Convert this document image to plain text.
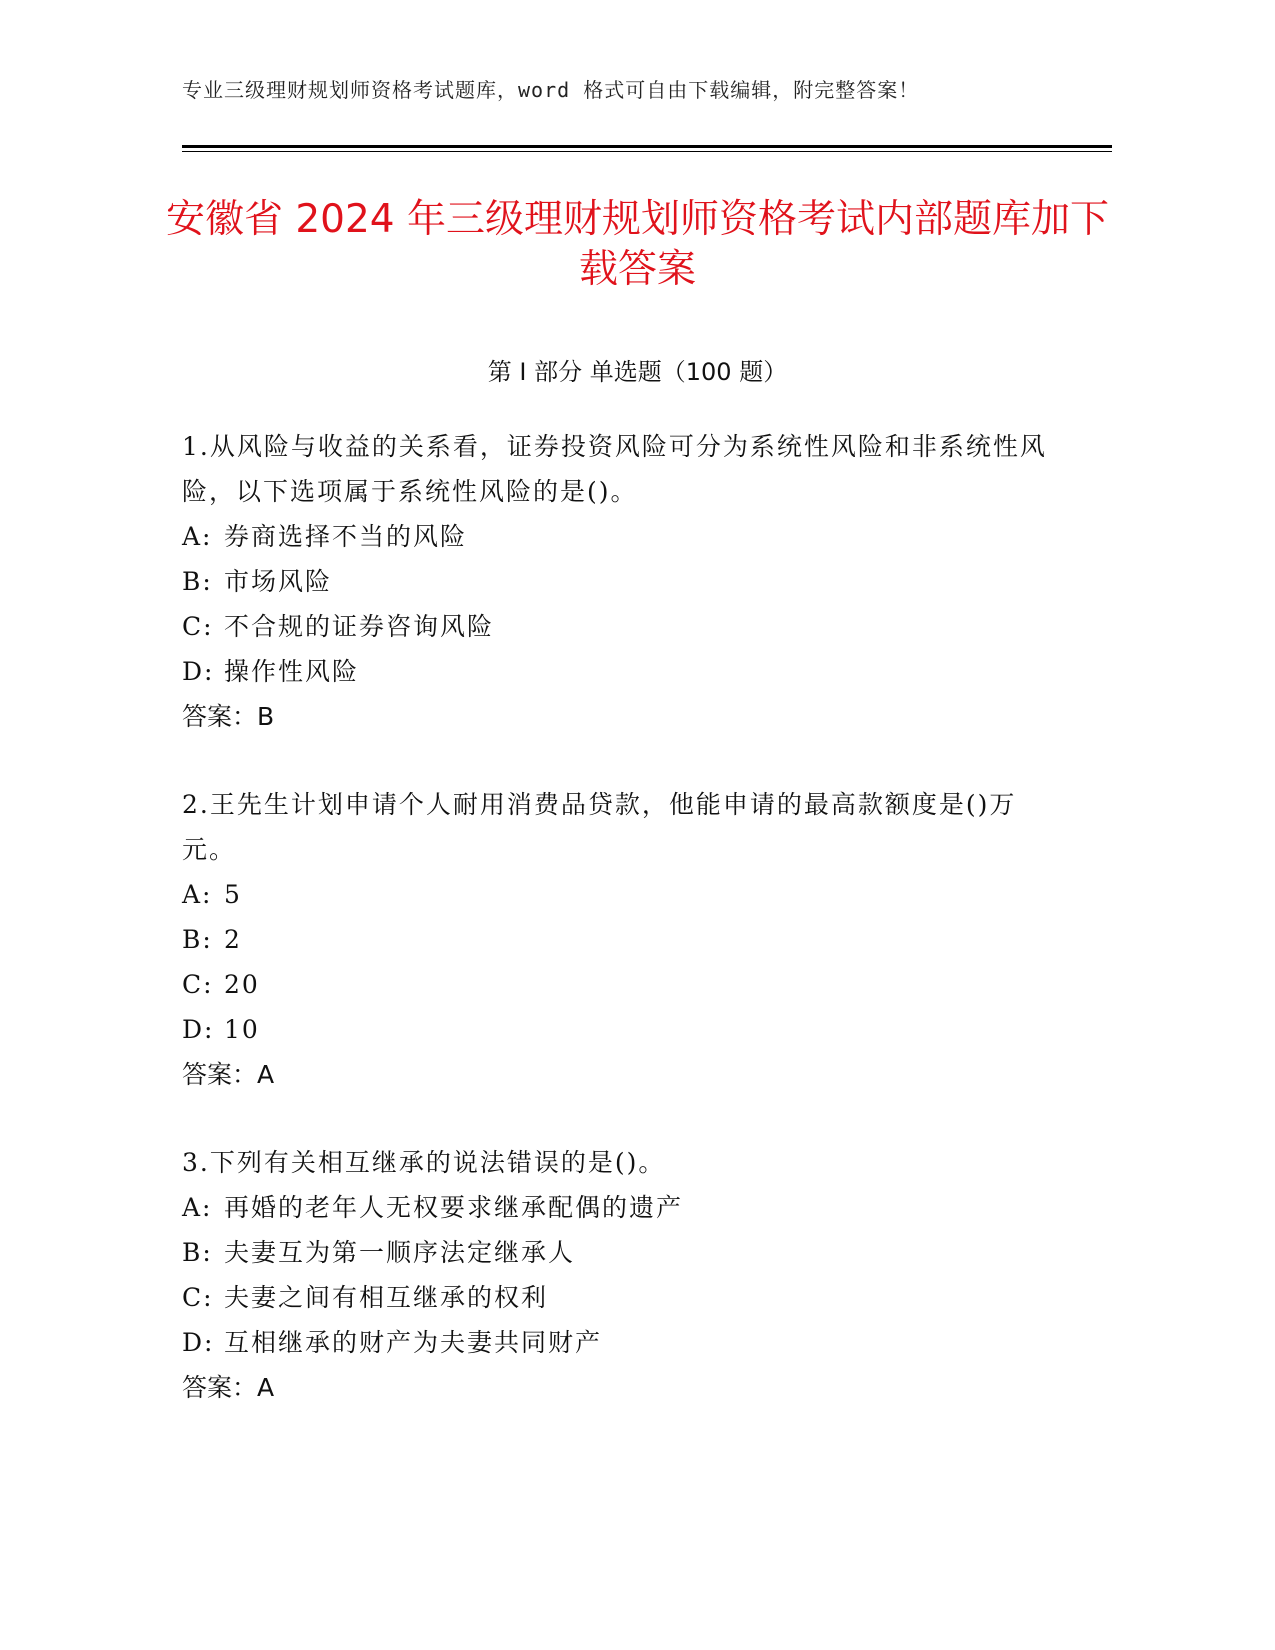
专业三级理财规划师资格考试题库，word 格式可自由下载编辑，附完整答案！
安徽省 2024 年三级理财规划师资格考试内部题库加下载答案
第 I 部分 单选题（100 题）
1.从风险与收益的关系看，证券投资风险可分为系统性风险和非系统性风险，以下选项属于系统性风险的是()。
A: 券商选择不当的风险
B: 市场风险
C: 不合规的证券咨询风险
D: 操作性风险
答案：B
2.王先生计划申请个人耐用消费品贷款，他能申请的最高款额度是()万元。
A: 5
B: 2
C: 20
D: 10
答案：A
3.下列有关相互继承的说法错误的是()。
A: 再婚的老年人无权要求继承配偶的遗产
B: 夫妻互为第一顺序法定继承人
C: 夫妻之间有相互继承的权利
D: 互相继承的财产为夫妻共同财产
答案：A
